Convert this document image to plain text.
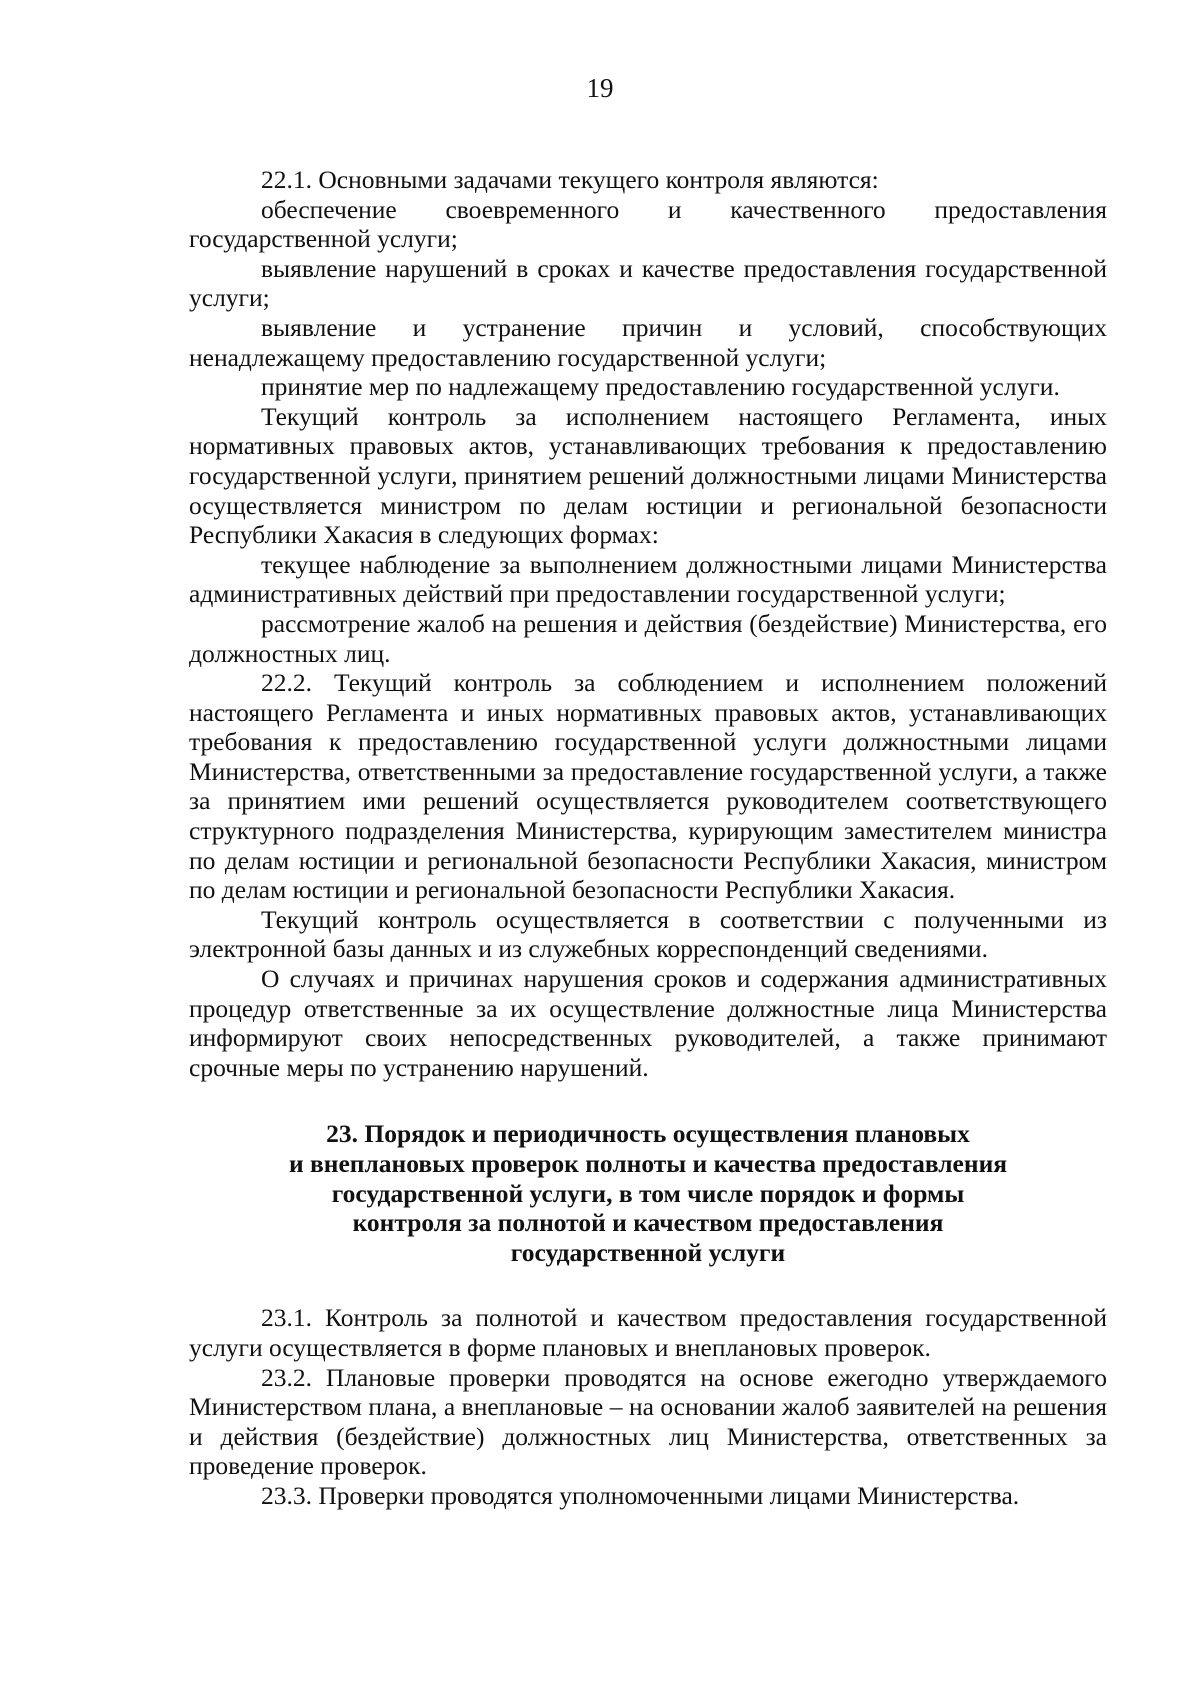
19

22.1. Основными задачами текущего контроля являются:

обеспечение своевременного и качественного предоставления государственной услуги;

выявление нарушений в сроках и качестве предоставления государственной услуги;

выявление и устранение причин и условий, способствующих ненадлежащему предоставлению государственной услуги;

принятие мер по надлежащему предоставлению государственной услуги.

Текущий контроль за исполнением настоящего Регламента, иных нормативных правовых актов, устанавливающих требования к предоставлению государственной услуги, принятием решений должностными лицами Министерства осуществляется министром по делам юстиции и региональной безопасности Республики Хакасия в следующих формах:

текущее наблюдение за выполнением должностными лицами Министерства административных действий при предоставлении государственной услуги;

рассмотрение жалоб на решения и действия (бездействие) Министерства, его должностных лиц.

22.2. Текущий контроль за соблюдением и исполнением положений настоящего Регламента и иных нормативных правовых актов, устанавливающих требования к предоставлению государственной услуги должностными лицами Министерства, ответственными за предоставление государственной услуги, а также за принятием ими решений осуществляется руководителем соответствующего структурного подразделения Министерства, курирующим заместителем министра по делам юстиции и региональной безопасности Республики Хакасия, министром по делам юстиции и региональной безопасности Республики Хакасия.

Текущий контроль осуществляется в соответствии с полученными из электронной базы данных и из служебных корреспонденций сведениями.

О случаях и причинах нарушения сроков и содержания административных процедур ответственные за их осуществление должностные лица Министерства информируют своих непосредственных руководителей, а также принимают срочные меры по устранению нарушений.

23. Порядок и периодичность осуществления плановых
и внеплановых проверок полноты и качества предоставления
государственной услуги, в том числе порядок и формы
контроля за полнотой и качеством предоставления
государственной услуги

23.1. Контроль за полнотой и качеством предоставления государственной услуги осуществляется в форме плановых и внеплановых проверок.

23.2. Плановые проверки проводятся на основе ежегодно утверждаемого Министерством плана, а внеплановые – на основании жалоб заявителей на решения и действия (бездействие) должностных лиц Министерства, ответственных за проведение проверок.

23.3. Проверки проводятся уполномоченными лицами Министерства.
